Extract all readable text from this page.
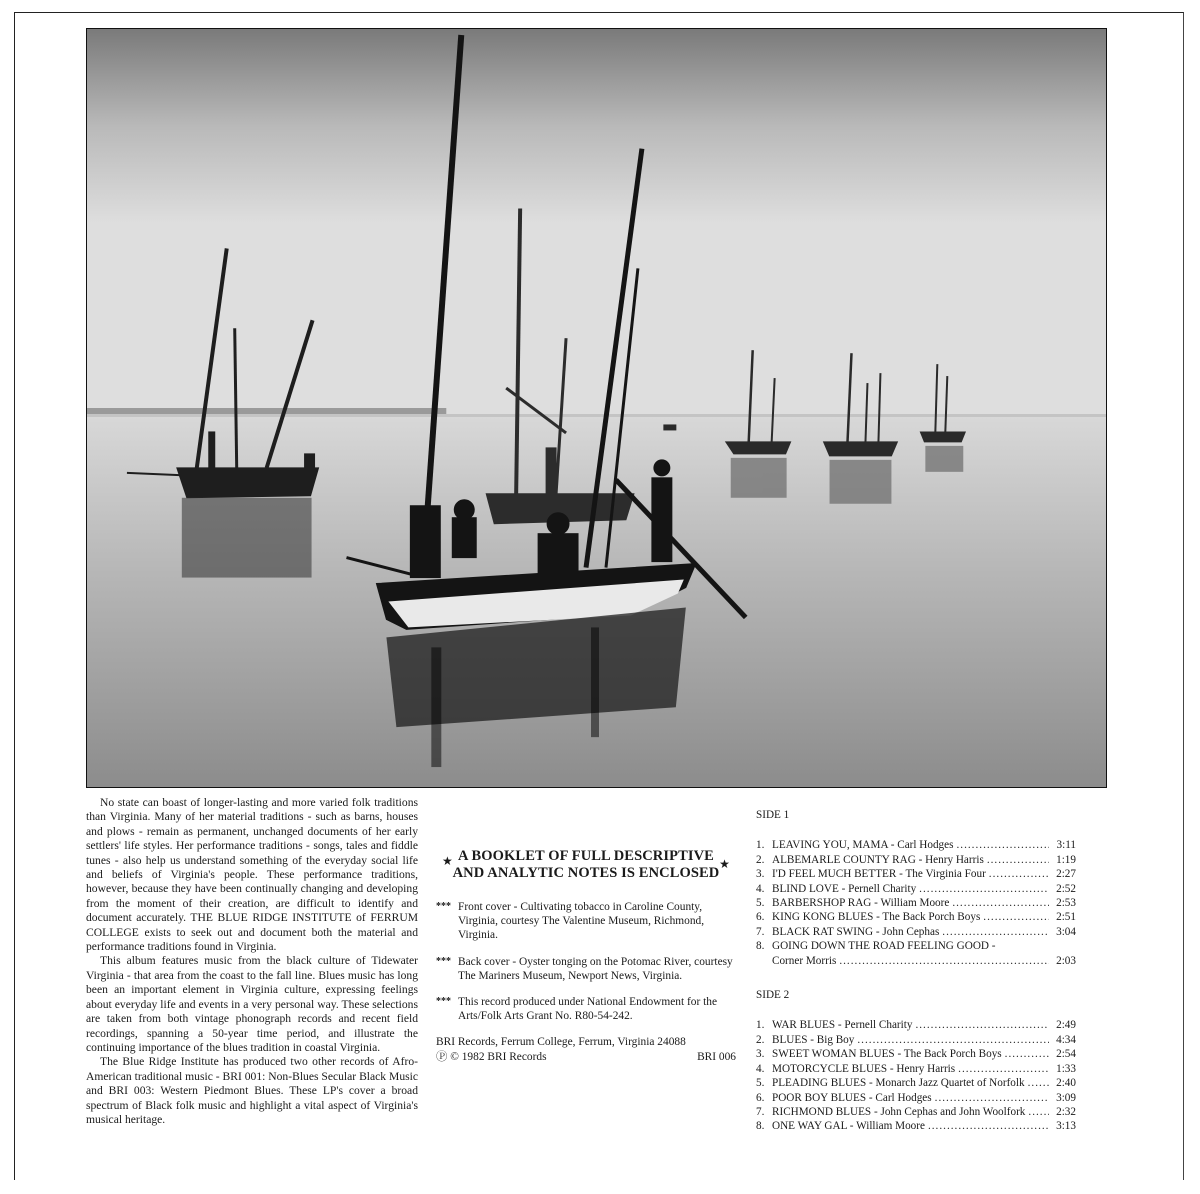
No state can boast of longer-lasting and more varied folk traditions than Virginia. Many of her material traditions - such as barns, houses and plows - remain as permanent, unchanged documents of her early settlers' life styles. Her performance traditions - songs, tales and fiddle tunes - also help us understand something of the everyday social life and beliefs of Virginia's people. These performance traditions, however, because they have been continually changing and developing from the moment of their creation, are difficult to identify and document accurately. THE BLUE RIDGE INSTITUTE of FERRUM COLLEGE exists to seek out and document both the material and performance traditions found in Virginia.

This album features music from the black culture of Tidewater Virginia - that area from the coast to the fall line. Blues music has long been an important element in Virginia culture, expressing feelings about everyday life and events in a very personal way. These selections are taken from both vintage phonograph records and recent field recordings, spanning a 50-year time period, and illustrate the continuing importance of the blues tradition in coastal Virginia.

The Blue Ridge Institute has produced two other records of Afro-American traditional music - BRI 001: Non-Blues Secular Black Music and BRI 003: Western Piedmont Blues. These LP's cover a broad spectrum of Black folk music and highlight a vital aspect of Virginia's musical heritage.

★ A BOOKLET OF FULL DESCRIPTIVE
AND ANALYTIC NOTES IS ENCLOSED
★
*** Front cover - Cultivating tobacco in Caroline County, Virginia, courtesy The Valentine Museum, Richmond, Virginia.
*** Back cover - Oyster tonging on the Potomac River, courtesy The Mariners Museum, Newport News, Virginia.
*** This record produced under National Endowment for the Arts/Folk Arts Grant No. R80-54-242.
BRI Records, Ferrum College, Ferrum, Virginia 24088
Ⓟ © 1982 BRI Records	BRI 006
SIDE 1
1. LEAVING YOU, MAMA - Carl Hodges .....	3:11
2. ALBEMARLE COUNTY RAG - Henry Harris .....	1:19
3. I'D FEEL MUCH BETTER - The Virginia Four .....	2:27
4. BLIND LOVE - Pernell Charity .....	2:52
5. BARBERSHOP RAG - William Moore .....	2:53
6. KING KONG BLUES - The Back Porch Boys .....	2:51
7. BLACK RAT SWING - John Cephas .....	3:04
8. GOING DOWN THE ROAD FEELING GOOD -
Corner Morris .....	2:03
SIDE 2
1. WAR BLUES - Pernell Charity .....	2:49
2. BLUES - Big Boy .....	4:34
3. SWEET WOMAN BLUES - The Back Porch Boys .....	2:54
4. MOTORCYCLE BLUES - Henry Harris .....	1:33
5. PLEADING BLUES - Monarch Jazz Quartet of Norfolk .....	2:40
6. POOR BOY BLUES - Carl Hodges .....	3:09
7. RICHMOND BLUES - John Cephas and John Woolfork .....	2:32
8. ONE WAY GAL - William Moore .....	3:13
